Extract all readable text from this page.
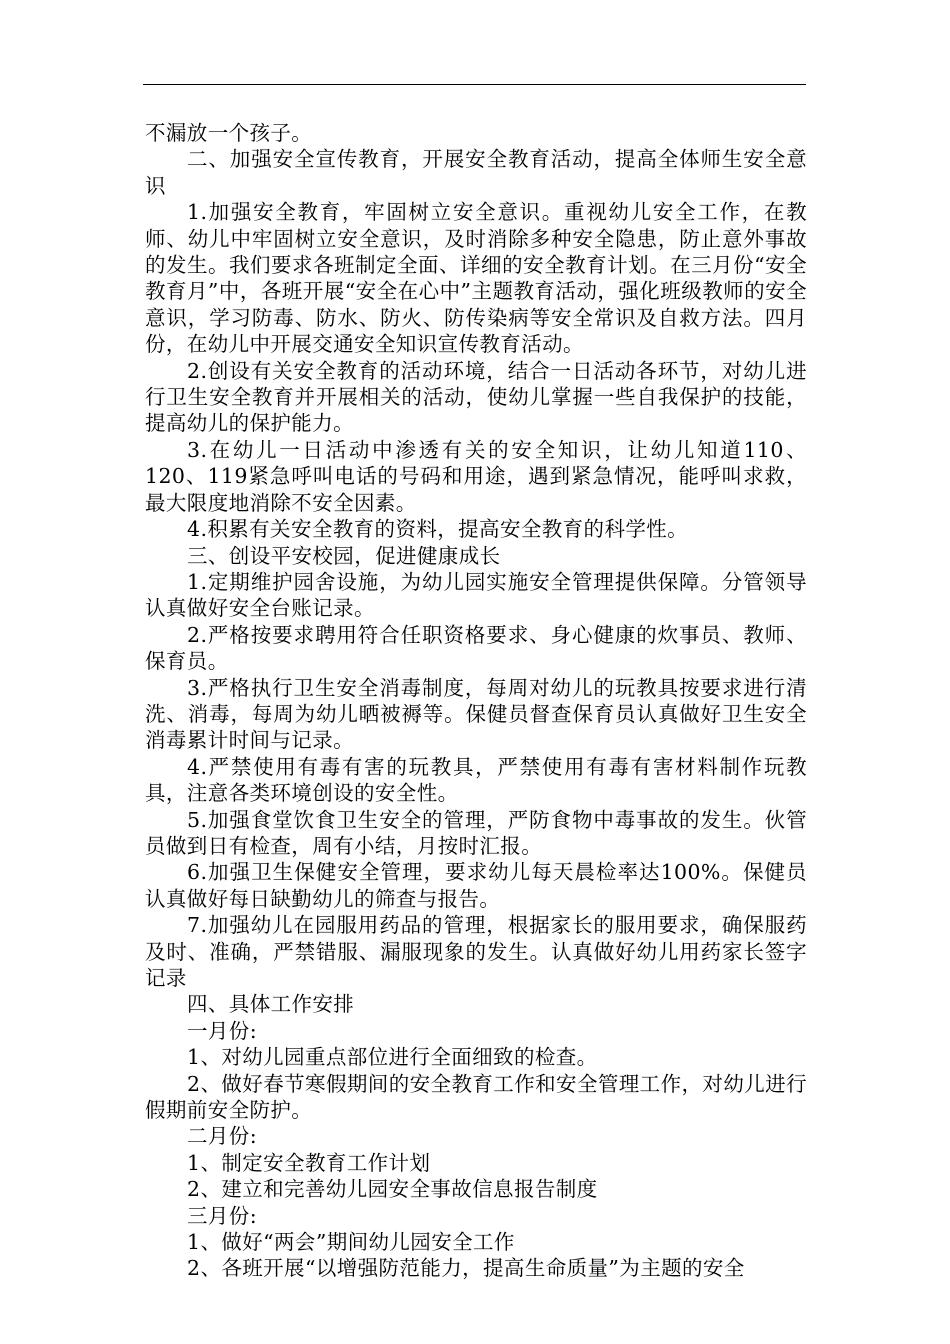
不漏放一个孩子。

二、加强安全宣传教育，开展安全教育活动，提高全体师生安全意识

1.加强安全教育，牢固树立安全意识。重视幼儿安全工作，在教师、幼儿中牢固树立安全意识，及时消除多种安全隐患，防止意外事故的发生。我们要求各班制定全面、详细的安全教育计划。在三月份“安全教育月”中，各班开展“安全在心中”主题教育活动，强化班级教师的安全意识，学习防毒、防水、防火、防传染病等安全常识及自救方法。四月份，在幼儿中开展交通安全知识宣传教育活动。

2.创设有关安全教育的活动环境，结合一日活动各环节，对幼儿进行卫生安全教育并开展相关的活动，使幼儿掌握一些自我保护的技能，提高幼儿的保护能力。

3.在幼儿一日活动中渗透有关的安全知识，让幼儿知道110、120、119紧急呼叫电话的号码和用途，遇到紧急情况，能呼叫求救，最大限度地消除不安全因素。

4.积累有关安全教育的资料，提高安全教育的科学性。

三、创设平安校园，促进健康成长

1.定期维护园舍设施，为幼儿园实施安全管理提供保障。分管领导认真做好安全台账记录。

2.严格按要求聘用符合任职资格要求、身心健康的炊事员、教师、保育员。

3.严格执行卫生安全消毒制度，每周对幼儿的玩教具按要求进行清洗、消毒，每周为幼儿晒被褥等。保健员督查保育员认真做好卫生安全消毒累计时间与记录。

4.严禁使用有毒有害的玩教具，严禁使用有毒有害材料制作玩教具，注意各类环境创设的安全性。

5.加强食堂饮食卫生安全的管理，严防食物中毒事故的发生。伙管员做到日有检查，周有小结，月按时汇报。

6.加强卫生保健安全管理，要求幼儿每天晨检率达100%。保健员认真做好每日缺勤幼儿的筛查与报告。

7.加强幼儿在园服用药品的管理，根据家长的服用要求，确保服药及时、准确，严禁错服、漏服现象的发生。认真做好幼儿用药家长签字记录

四、具体工作安排

一月份:

1、对幼儿园重点部位进行全面细致的检查。

2、做好春节寒假期间的安全教育工作和安全管理工作，对幼儿进行假期前安全防护。

二月份:

1、制定安全教育工作计划

2、建立和完善幼儿园安全事故信息报告制度

三月份:

1、做好“两会”期间幼儿园安全工作

2、各班开展“以增强防范能力，提高生命质量”为主题的安全
